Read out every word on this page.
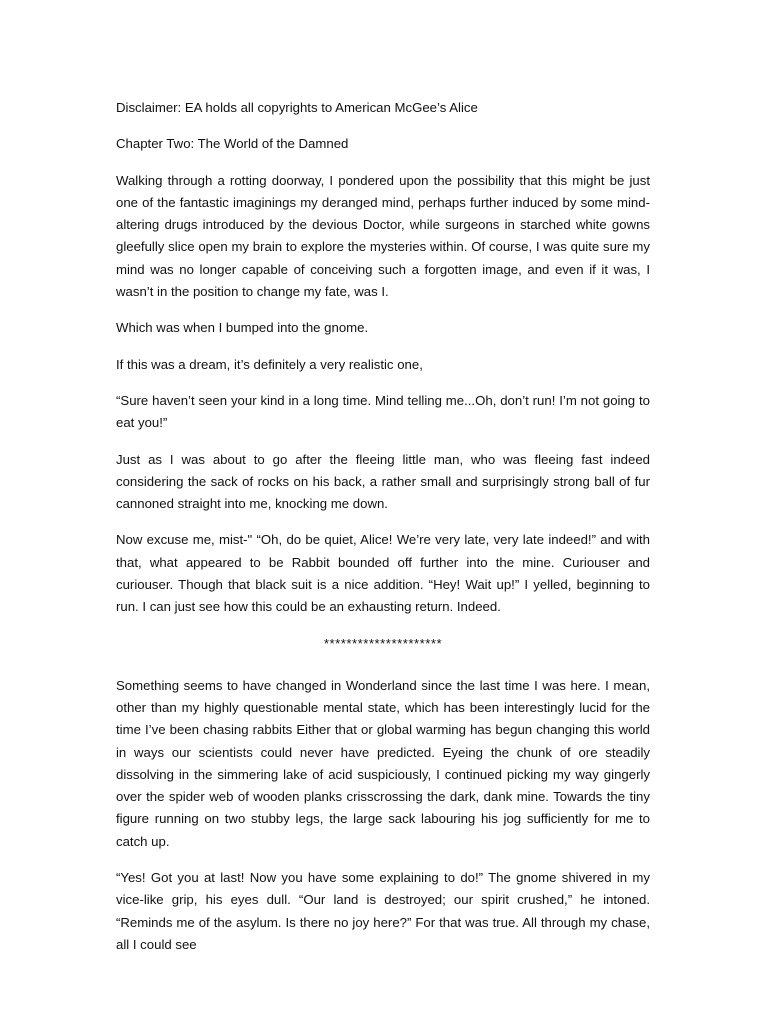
Disclaimer: EA holds all copyrights to American McGee’s Alice

Chapter Two: The World of the Damned

Walking through a rotting doorway, I pondered upon the possibility that this might be just one of the fantastic imaginings my deranged mind, perhaps further induced by some mind-altering drugs introduced by the devious Doctor, while surgeons in starched white gowns gleefully slice open my brain to explore the mysteries within. Of course, I was quite sure my mind was no longer capable of conceiving such a forgotten image, and even if it was, I wasn’t in the position to change my fate, was I.

Which was when I bumped into the gnome.

If this was a dream, it’s definitely a very realistic one,

“Sure haven’t seen your kind in a long time. Mind telling me...Oh, don’t run! I’m not going to eat you!”

Just as I was about to go after the fleeing little man, who was fleeing fast indeed considering the sack of rocks on his back, a rather small and surprisingly strong ball of fur cannoned straight into me, knocking me down.

Now excuse me, mist-" “Oh, do be quiet, Alice! We’re very late, very late indeed!” and with that, what appeared to be Rabbit bounded off further into the mine. Curiouser and curiouser. Though that black suit is a nice addition. “Hey! Wait up!” I yelled, beginning to run. I can just see how this could be an exhausting return. Indeed.

*********************

Something seems to have changed in Wonderland since the last time I was here. I mean, other than my highly questionable mental state, which has been interestingly lucid for the time I’ve been chasing rabbits Either that or global warming has begun changing this world in ways our scientists could never have predicted. Eyeing the chunk of ore steadily dissolving in the simmering lake of acid suspiciously, I continued picking my way gingerly over the spider web of wooden planks crisscrossing the dark, dank mine. Towards the tiny figure running on two stubby legs, the large sack labouring his jog sufficiently for me to catch up.

“Yes! Got you at last! Now you have some explaining to do!” The gnome shivered in my vice-like grip, his eyes dull. “Our land is destroyed; our spirit crushed,” he intoned. “Reminds me of the asylum. Is there no joy here?” For that was true. All through my chase, all I could see
